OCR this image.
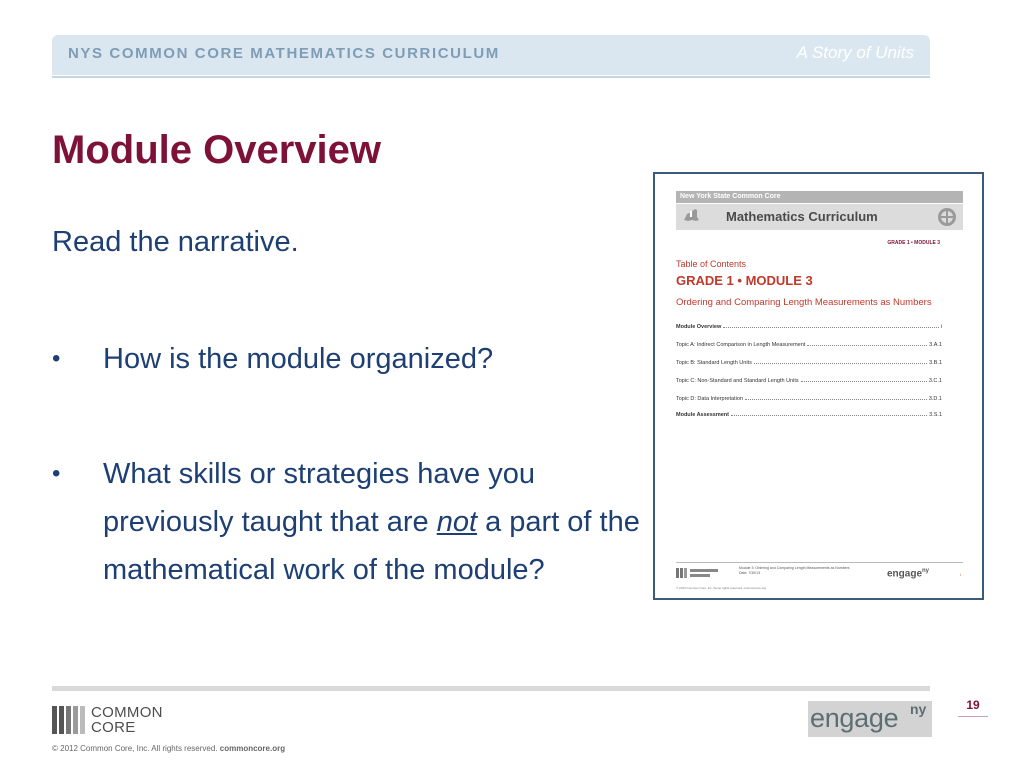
NYS COMMON CORE MATHEMATICS CURRICULUM	A Story of Units
Module Overview
Read the narrative.
• How is the module organized?
• What skills or strategies have you previously taught that are not a part of the mathematical work of the module?
New York State Common Core
Mathematics Curriculum
GRADE 1 • MODULE 3
Table of Contents
GRADE 1 • MODULE 3
Ordering and Comparing Length Measurements as Numbers
Module Overview	i
Topic A: Indirect Comparison in Length Measurement	3.A.1
Topic B: Standard Length Units	3.B.1
Topic C: Non-Standard and Standard Length Units	3.C.1
Topic D: Data Interpretation	3.D.1
Module Assessment	3.S.1
Module 3: Ordering and Comparing Length Measurements as Numbers
Date: 7/30/13	engage$^{ny}$
i
© 2013 Common Core, Inc. Some rights reserved. commoncore.org
COMMON
CORE
© 2012 Common Core, Inc. All rights reserved. commoncore.org
engage ny	19
